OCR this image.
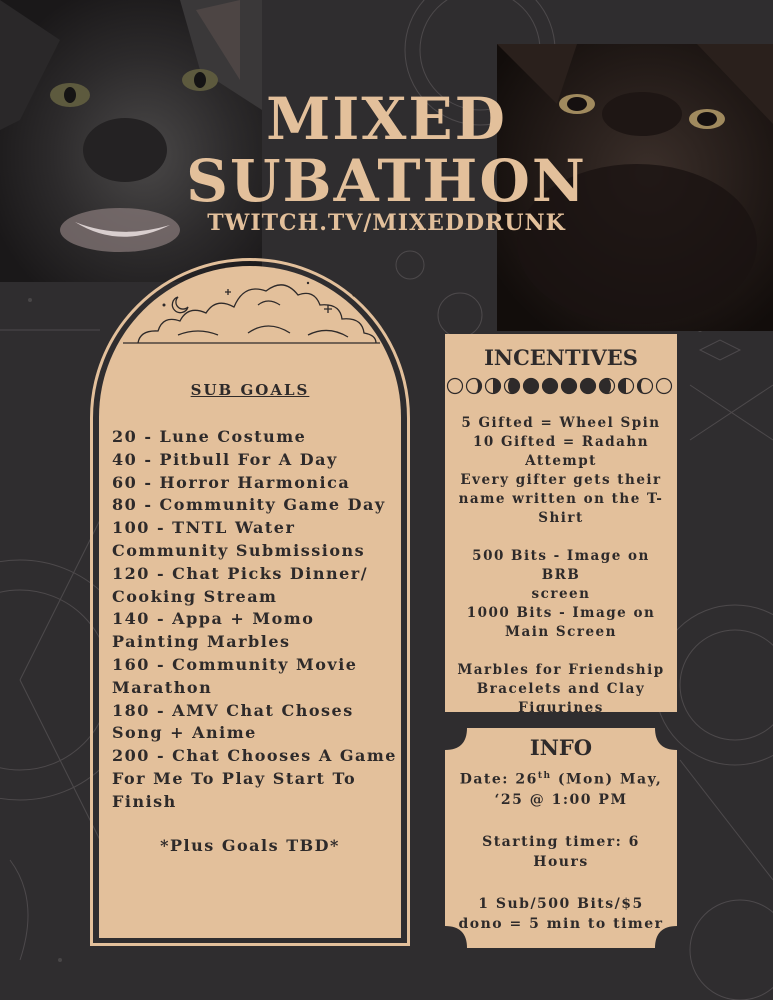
MIXED
SUBATHON
TWITCH.TV/MIXEDDRUNK
SUB GOALS
20 - Lune Costume
40 - Pitbull For A Day
60 - Horror Harmonica
80 - Community Game Day
100 - TNTL Water
Community Submissions
120 - Chat Picks Dinner/
Cooking Stream
140 - Appa + Momo
Painting Marbles
160 - Community Movie
Marathon
180 - AMV Chat Choses
Song + Anime
200 - Chat Chooses A Game
For Me To Play Start To
Finish
*Plus Goals TBD*
INCENTIVES
5 Gifted = Wheel Spin
10 Gifted = Radahn
Attempt
Every gifter gets their
name written on the T-
Shirt
500 Bits - Image on BRB
screen
1000 Bits - Image on
Main Screen
Marbles for Friendship
Bracelets and Clay
Figurines
INFO
Date: 26th (Mon) May,
‘25 @ 1:00 PM
Starting timer: 6
Hours
1 Sub/500 Bits/$5
dono = 5 min to timer
